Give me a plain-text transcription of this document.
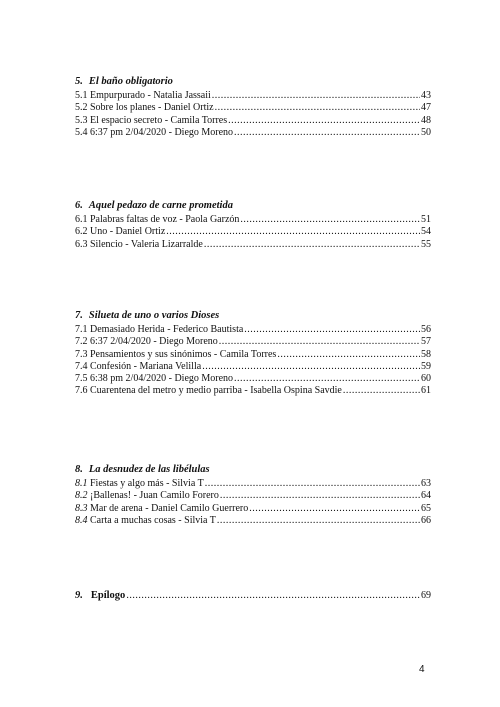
5. El baño obligatorio
5.1 Empurpurado - Natalia Jassaii .....	43
5.2 Sobre los planes - Daniel Ortiz .....	47
5.3 El espacio secreto - Camila Torres .....	48
5.4 6:37 pm 2/04/2020 - Diego Moreno .....	50
6. Aquel pedazo de carne prometida
6.1 Palabras faltas de voz - Paola Garzón .....	51
6.2 Uno - Daniel Ortiz .....	54
6.3 Silencio - Valeria Lizarralde .....	55
7. Silueta de uno o varios Dioses
7.1 Demasiado Herida - Federico Bautista .....	56
7.2 6:37 2/04/2020 - Diego Moreno .....	57
7.3 Pensamientos y sus sinónimos - Camila Torres .....	58
7.4 Confesión - Mariana Velilla .....	59
7.5 6:38 pm 2/04/2020 - Diego Moreno .....	60
7.6 Cuarentena del metro y medio parriba - Isabella Ospina Savdie .....	61
8. La desnudez de las libélulas
8.1 Fiestas y algo más - Silvia T .....	63
8.2 ¡Ballenas! - Juan Camilo Forero .....	64
8.3 Mar de arena - Daniel Camilo Guerrero .....	65
8.4 Carta a muchas cosas - Silvia T .....	66
9. Epílogo .....	69
4
